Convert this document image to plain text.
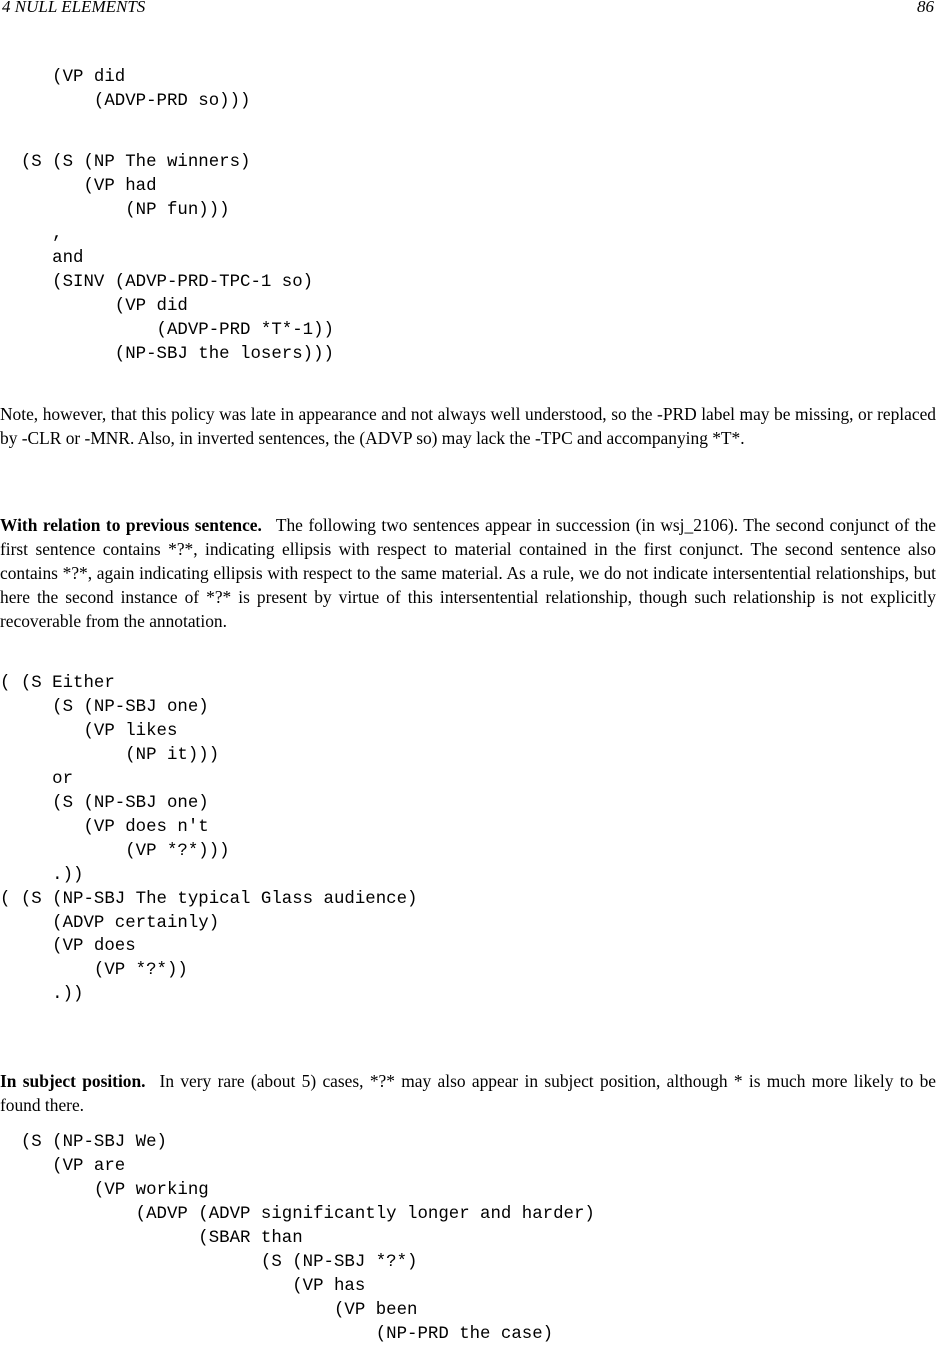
4 NULL ELEMENTS	86
(VP did
(ADVP-PRD so)))
(S (S (NP The winners)
(VP had
(NP fun)))
,
and
(SINV (ADVP-PRD-TPC-1 so)
(VP did
(ADVP-PRD *T*-1))
(NP-SBJ the losers)))

Note, however, that this policy was late in appearance and not always well understood, so the -PRD label may be missing, or replaced by -CLR or -MNR. Also, in inverted sentences, the (ADVP so) may lack the -TPC and accompanying *T*.

With relation to previous sentence. The following two sentences appear in succession (in wsj_2106). The second conjunct of the first sentence contains *?*, indicating ellipsis with respect to material contained in the first conjunct. The second sentence also contains *?*, again indicating ellipsis with respect to the same material. As a rule, we do not indicate intersentential relationships, but here the second instance of *?* is present by virtue of this intersentential relationship, though such relationship is not explicitly recoverable from the annotation.

( (S Either
(S (NP-SBJ one)
(VP likes
(NP it)))
or
(S (NP-SBJ one)
(VP does n't
(VP *?*)))
.))
( (S (NP-SBJ The typical Glass audience)
(ADVP certainly)
(VP does
(VP *?*))
.))

In subject position. In very rare (about 5) cases, *?* may also appear in subject position, although * is much more likely to be found there.

(S (NP-SBJ We)
(VP are
(VP working
(ADVP (ADVP significantly longer and harder)
(SBAR than
(S (NP-SBJ *?*)
(VP has
(VP been
(NP-PRD the case)
